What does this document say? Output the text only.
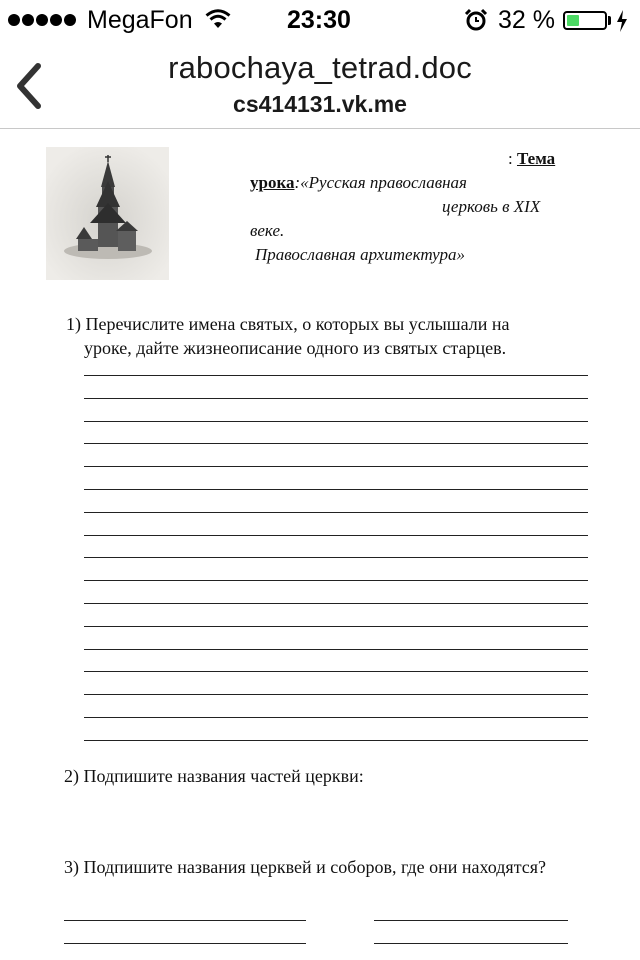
MegaFon	23:30	32 %
rabochaya_tetrad.doc
cs414131.vk.me
: Тема
урока:«Русская православная
церковь в XIX
веке.
Православная архитектура»
1) Перечислите имена святых, о которых вы услышали на
уроке, дайте жизнеописание одного из святых старцев.
2) Подпишите названия частей церкви:
3) Подпишите названия церквей и соборов, где они находятся?
